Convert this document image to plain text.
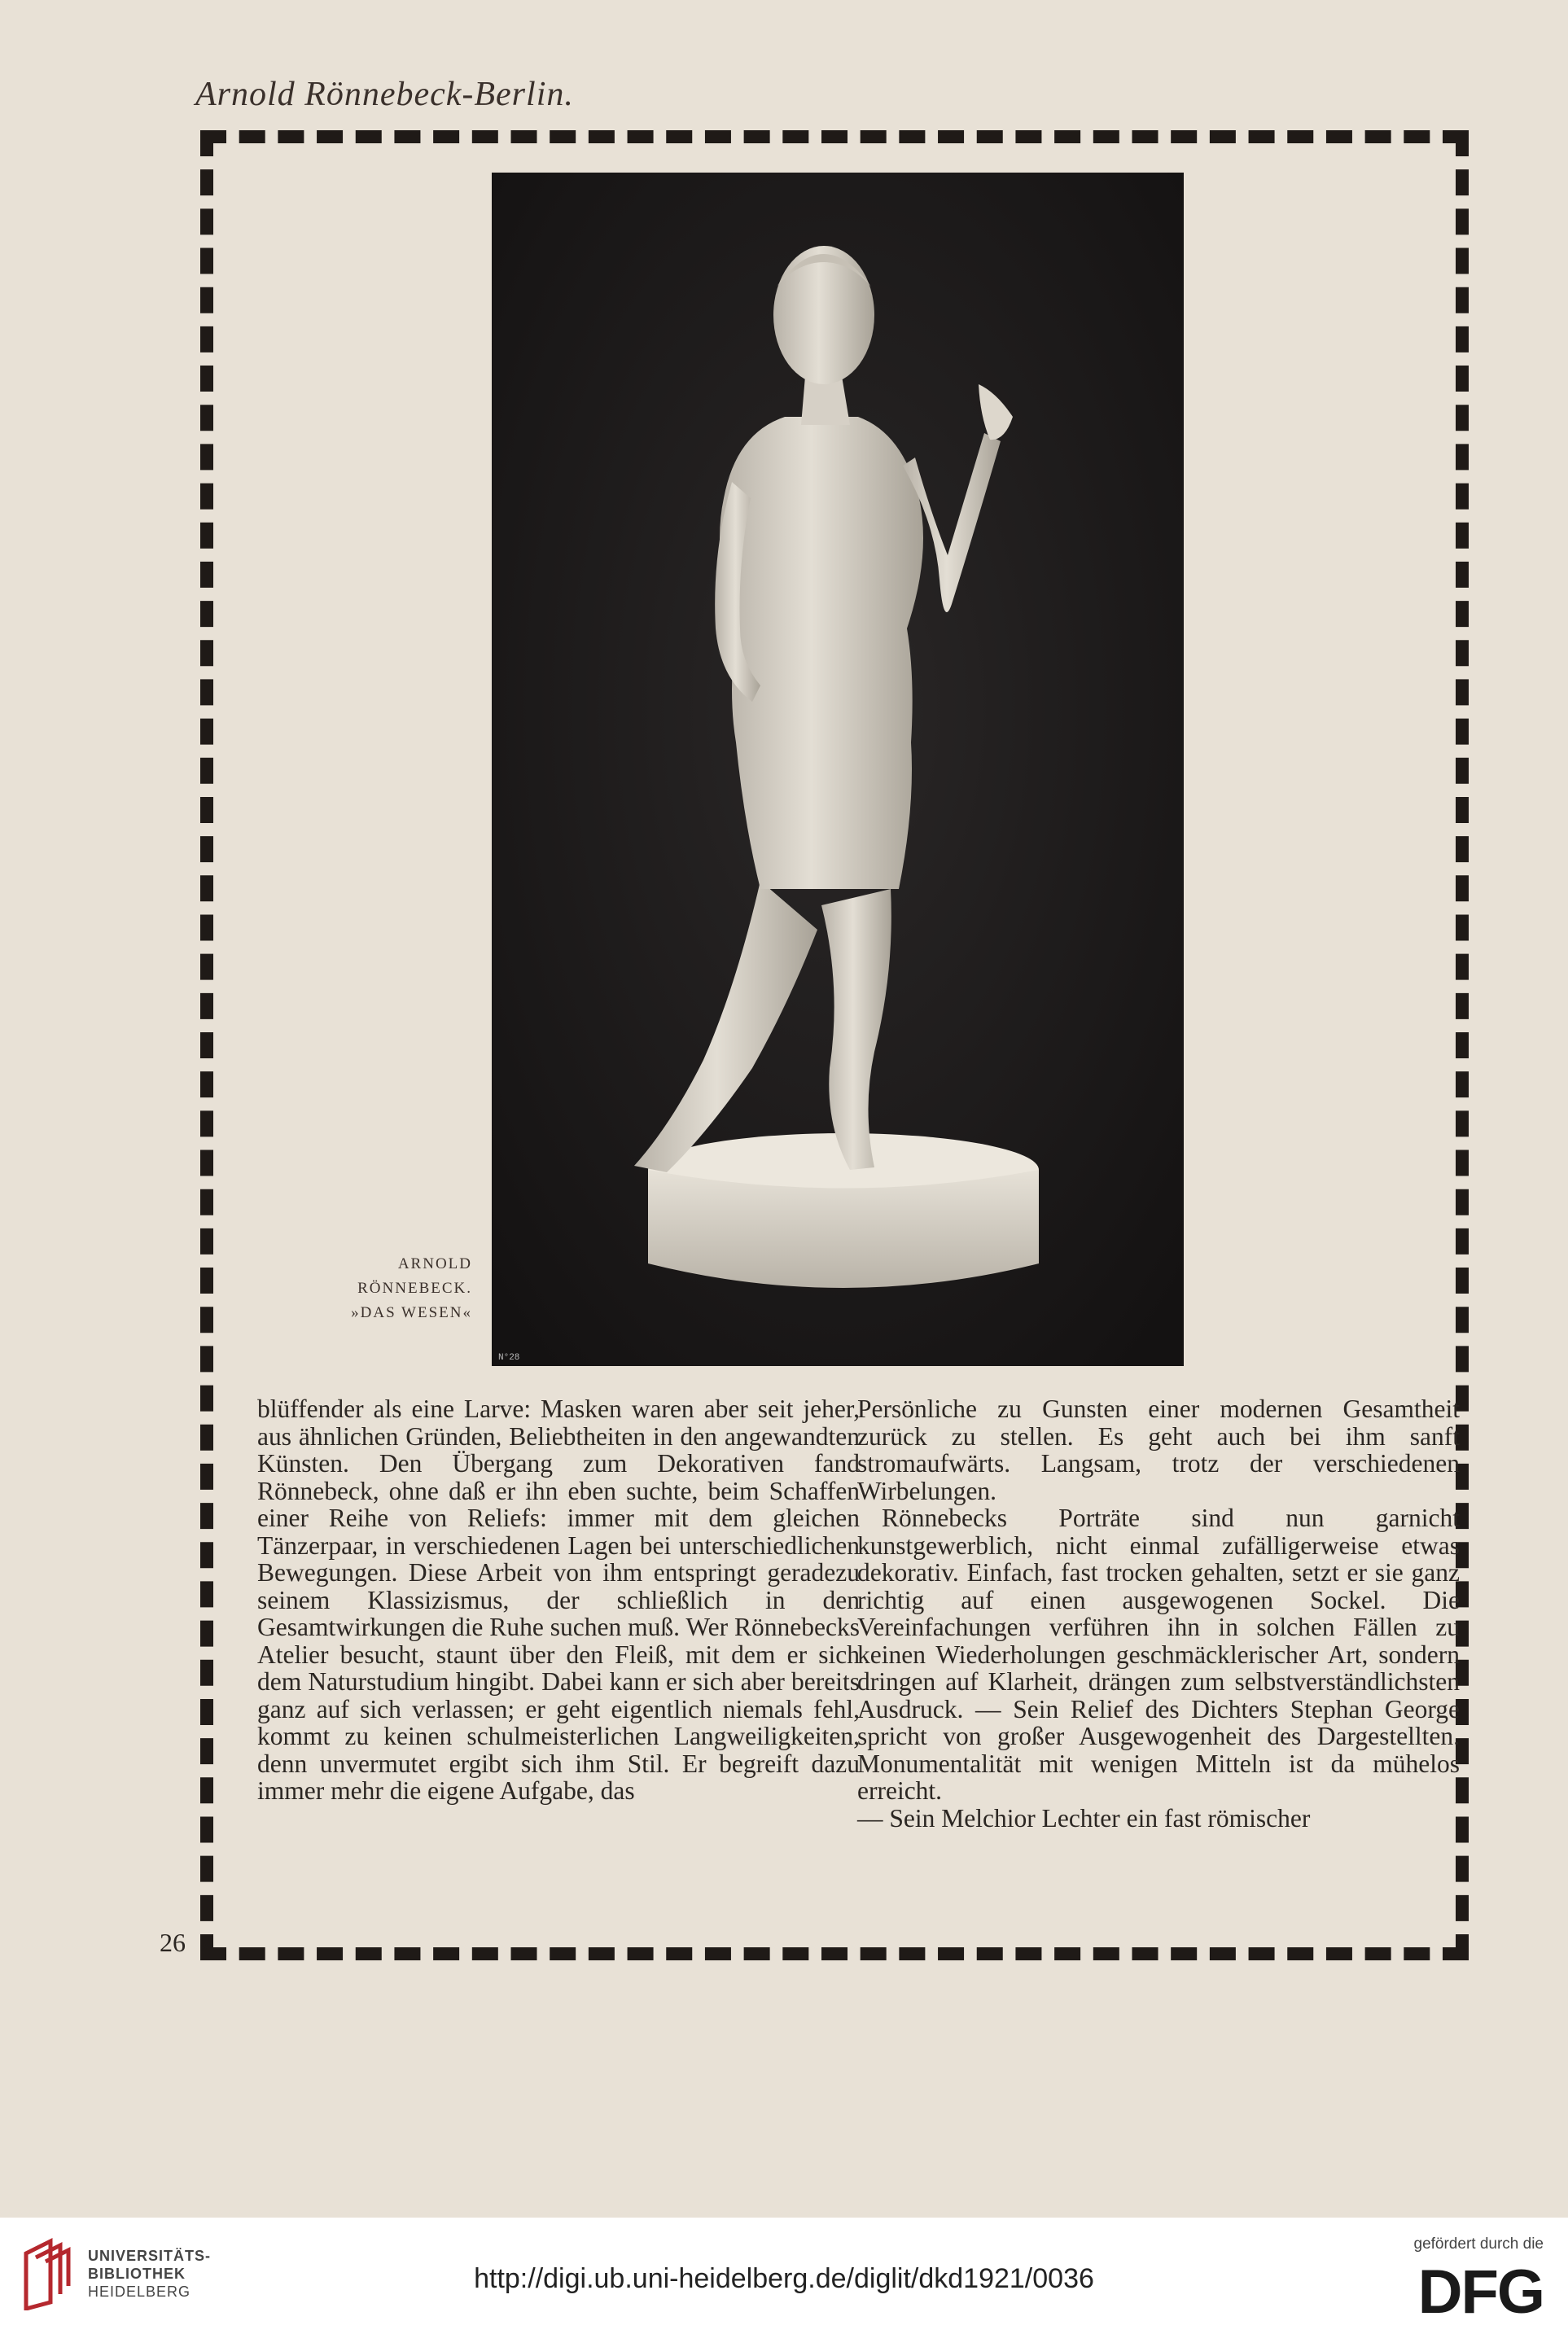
Arnold Rönnebeck-Berlin.
N°28
ARNOLD
RÖNNEBECK.
»DAS WESEN«

blüffender als eine Larve: Masken waren aber seit jeher, aus ähnlichen Gründen, Beliebtheiten in den angewandten Künsten. Den Übergang zum Dekorativen fand Rönnebeck, ohne daß er ihn eben suchte, beim Schaffen einer Reihe von Reliefs: immer mit dem gleichen Tänzerpaar, in verschiedenen Lagen bei unterschiedlichen Bewegungen. Diese Arbeit von ihm entspringt geradezu seinem Klassizismus, der schließlich in den Gesamtwirkungen die Ruhe suchen muß. Wer Rönnebecks Atelier besucht, staunt über den Fleiß, mit dem er sich dem Naturstudium hingibt. Dabei kann er sich aber bereits ganz auf sich verlassen; er geht eigentlich niemals fehl, kommt zu keinen schulmeisterlichen Langweiligkeiten, denn unvermutet ergibt sich ihm Stil. Er begreift dazu immer mehr die eigene Aufgabe, das

Persönliche zu Gunsten einer modernen Gesamtheit zurück zu stellen. Es geht auch bei ihm sanft stromaufwärts. Langsam, trotz der verschiedenen Wirbelungen.

Rönnebecks Porträte sind nun garnicht kunstgewerblich, nicht einmal zufälligerweise etwas dekorativ. Einfach, fast trocken gehalten, setzt er sie ganz richtig auf einen ausgewogenen Sockel. Die Vereinfachungen verführen ihn in solchen Fällen zu keinen Wiederholungen geschmäcklerischer Art, sondern dringen auf Klarheit, drängen zum selbstverständlichsten Ausdruck. — Sein Relief des Dichters Stephan George spricht von großer Ausgewogenheit des Dargestellten. Monumentalität mit wenigen Mitteln ist da mühelos erreicht.

— Sein Melchior Lechter ein fast römischer

26
UNIVERSITÄTS-
BIBLIOTHEK
HEIDELBERG	http://digi.ub.uni-heidelberg.de/diglit/dkd1921/0036
gefördert durch die
DFG
